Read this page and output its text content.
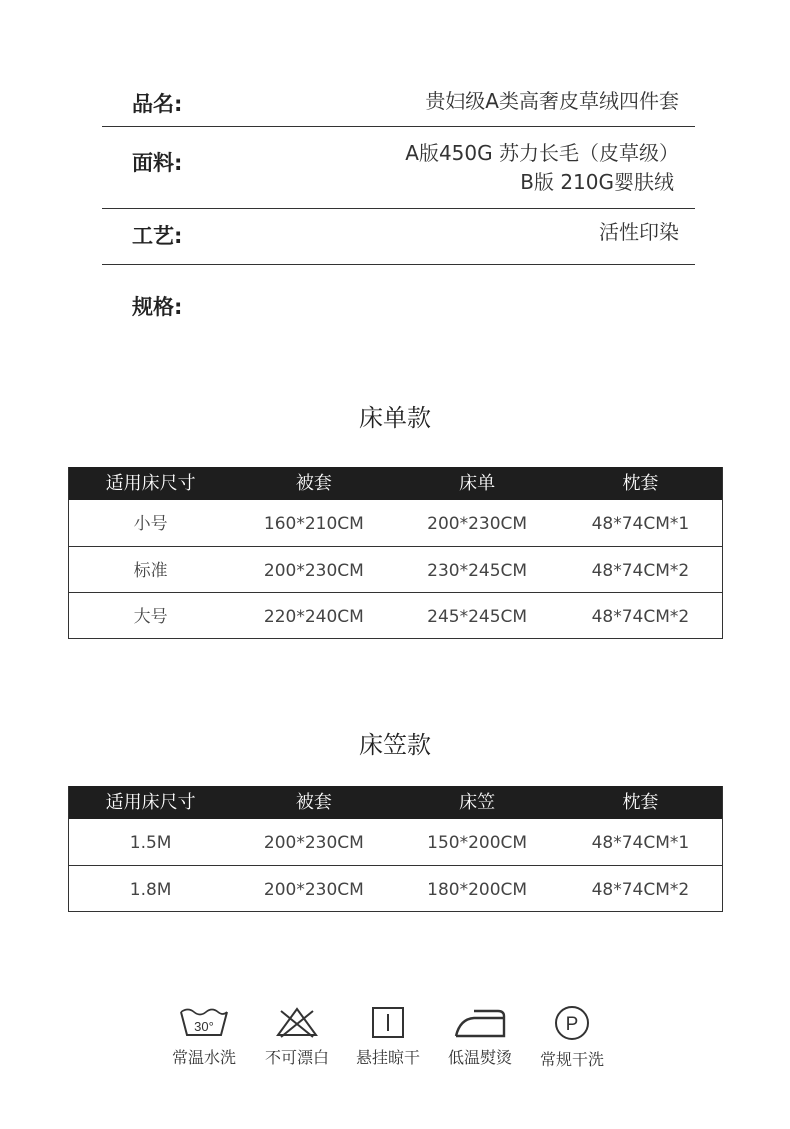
品名:	贵妇级A类高奢皮草绒四件套
面料:	A版450G 苏力长毛（皮草级）
B版 210G婴肤绒
工艺:	活性印染
规格:
床单款
适用床尺寸	被套	床单	枕套
小号	160*210CM	200*230CM	48*74CM*1
标准	200*230CM	230*245CM	48*74CM*2
大号	220*240CM	245*245CM	48*74CM*2
床笠款
适用床尺寸	被套	床笠	枕套
1.5M	200*230CM	150*200CM	48*74CM*1
1.8M	200*230CM	180*200CM	48*74CM*2
30°
常温水洗	不可漂白	悬挂晾干	低温熨烫
P
常规干洗
